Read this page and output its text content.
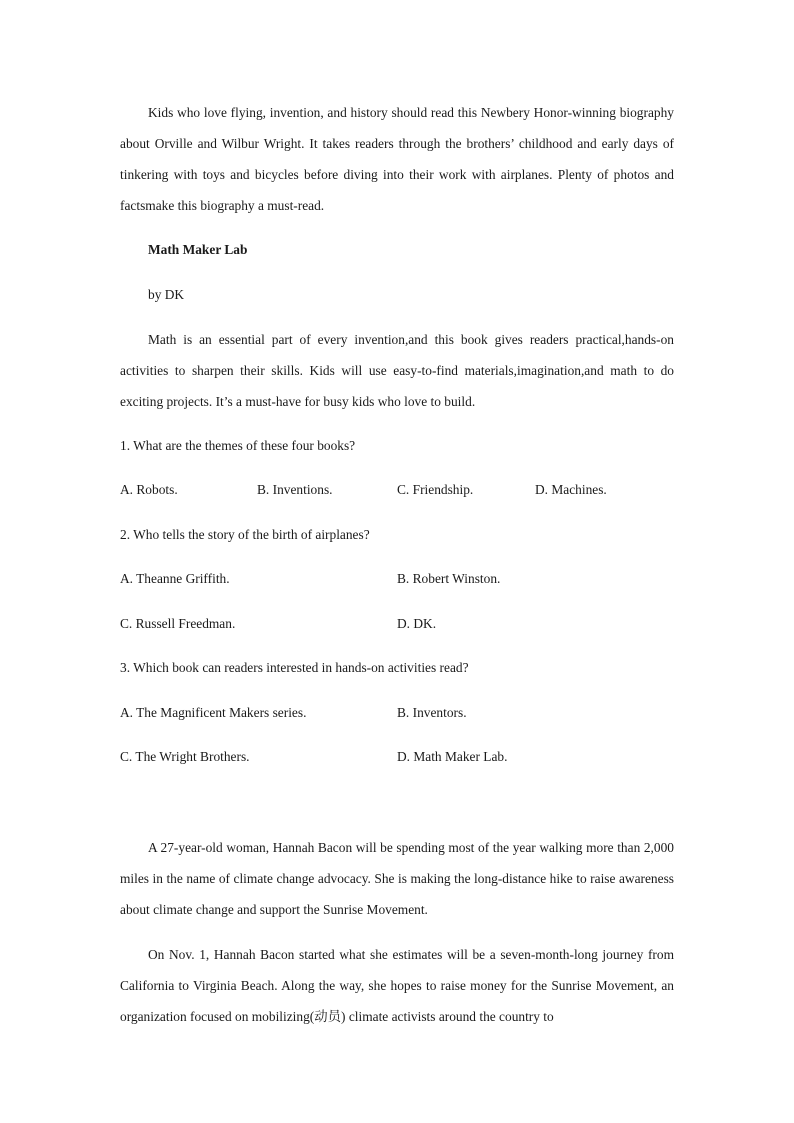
Kids who love flying, invention, and history should read this Newbery Honor-winning biography about Orville and Wilbur Wright. It takes readers through the brothers’ childhood and early days of tinkering with toys and bicycles before diving into their work with airplanes. Plenty of photos and factsmake this biography a must-read.

Math Maker Lab

by DK

Math is an essential part of every invention,and this book gives readers practical,hands-on activities to sharpen their skills. Kids will use easy-to-find materials,imagination,and math to do exciting projects. It’s a must-have for busy kids who love to build.

1. What are the themes of these four books?

A. Robots.	B. Inventions.	C. Friendship.	D. Machines.

2. Who tells the story of the birth of airplanes?

A. Theanne Griffith.	B. Robert Winston.
C. Russell Freedman.	D. DK.

3. Which book can readers interested in hands-on activities read?

A. The Magnificent Makers series.	B. Inventors.
C. The Wright Brothers.	D. Math Maker Lab.

A 27-year-old woman, Hannah Bacon will be spending most of the year walking more than 2,000 miles in the name of climate change advocacy. She is making the long-distance hike to raise awareness about climate change and support the Sunrise Movement.

On Nov. 1, Hannah Bacon started what she estimates will be a seven-month-long journey from California to Virginia Beach. Along the way, she hopes to raise money for the Sunrise Movement, an organization focused on mobilizing(动员) climate activists around the country to
